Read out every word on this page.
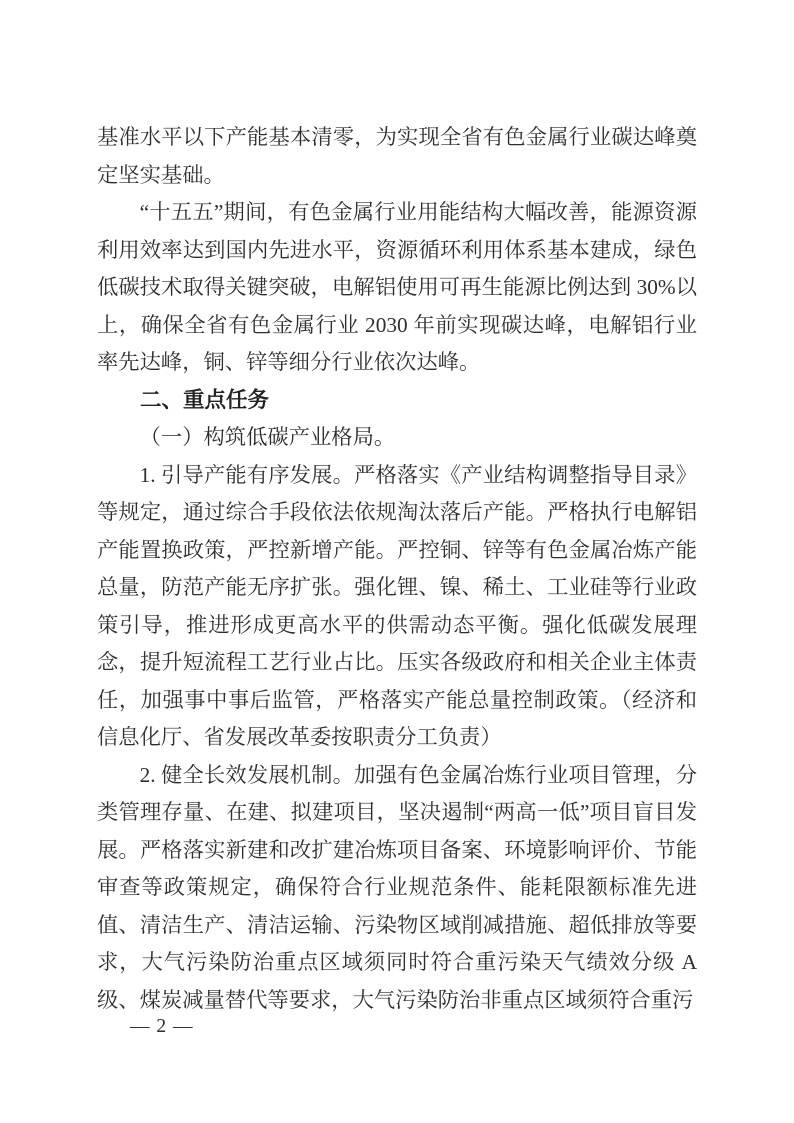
基准水平以下产能基本清零，为实现全省有色金属行业碳达峰奠定坚实基础。

“十五五”期间，有色金属行业用能结构大幅改善，能源资源利用效率达到国内先进水平，资源循环利用体系基本建成，绿色低碳技术取得关键突破，电解铝使用可再生能源比例达到 30%以上，确保全省有色金属行业 2030 年前实现碳达峰，电解铝行业率先达峰，铜、锌等细分行业依次达峰。

二、重点任务

（一）构筑低碳产业格局。

1. 引导产能有序发展。严格落实《产业结构调整指导目录》等规定，通过综合手段依法依规淘汰落后产能。严格执行电解铝产能置换政策，严控新增产能。严控铜、锌等有色金属冶炼产能总量，防范产能无序扩张。强化锂、镍、稀土、工业硅等行业政策引导，推进形成更高水平的供需动态平衡。强化低碳发展理念，提升短流程工艺行业占比。压实各级政府和相关企业主体责任，加强事中事后监管，严格落实产能总量控制政策。（经济和信息化厅、省发展改革委按职责分工负责）

2. 健全长效发展机制。加强有色金属冶炼行业项目管理，分类管理存量、在建、拟建项目，坚决遏制“两高一低”项目盲目发展。严格落实新建和改扩建冶炼项目备案、环境影响评价、节能审查等政策规定，确保符合行业规范条件、能耗限额标准先进值、清洁生产、清洁运输、污染物区域削减措施、超低排放等要求，大气污染防治重点区域须同时符合重污染天气绩效分级 A 级、煤炭减量替代等要求，大气污染防治非重点区域须符合重污

— 2 —
